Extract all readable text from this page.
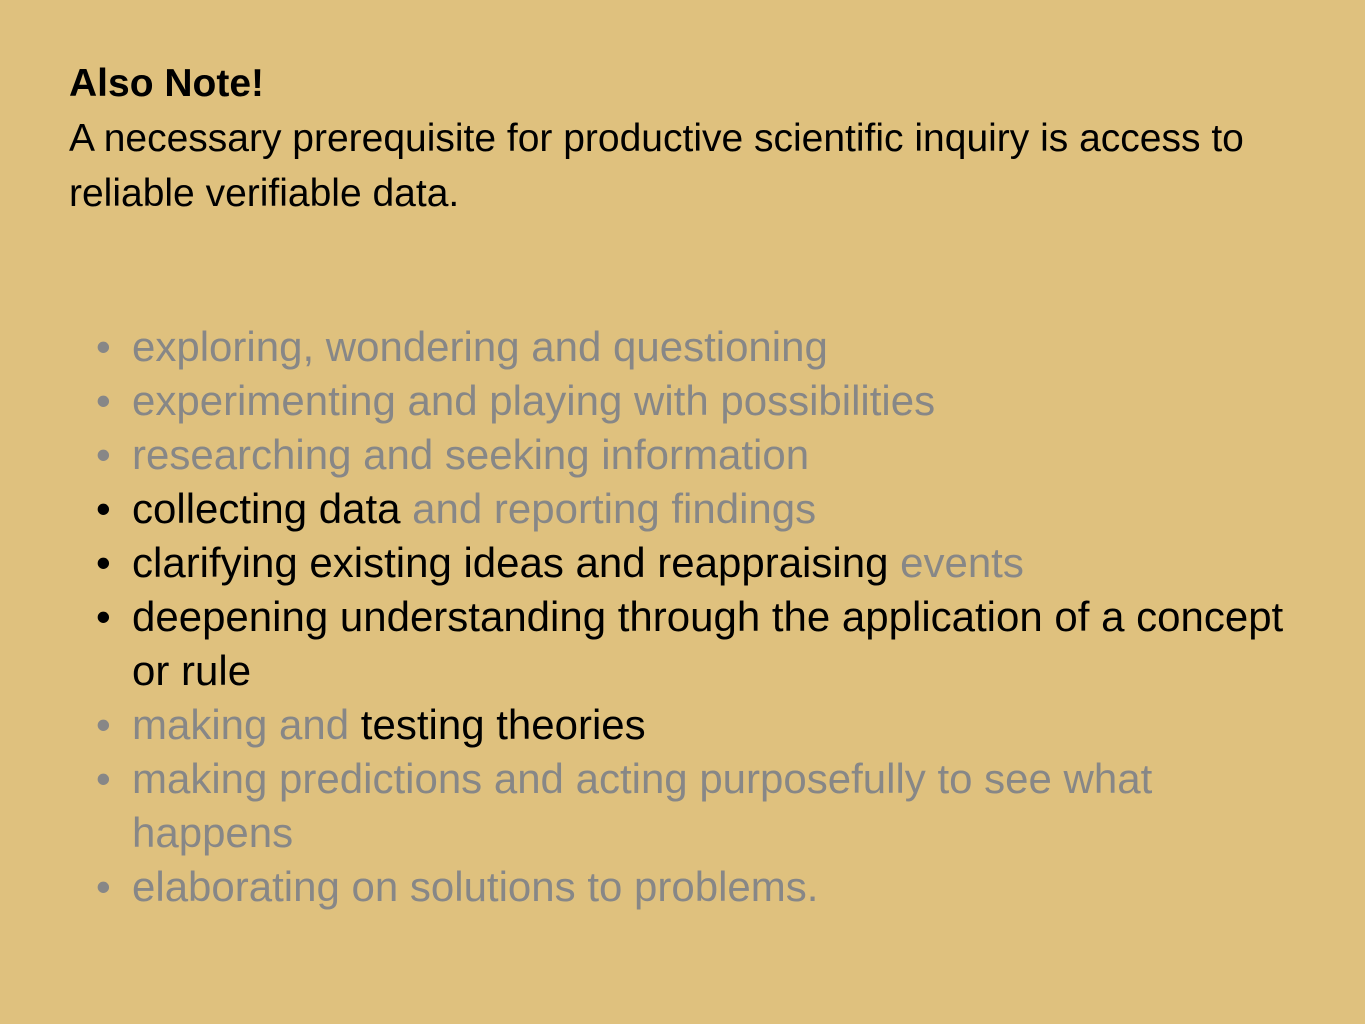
Also Note!
A necessary prerequisite for productive scientific inquiry is access to reliable verifiable data.
• exploring, wondering and questioning
• experimenting and playing with possibilities
• researching and seeking information
• collecting data and reporting findings
• clarifying existing ideas and reappraising events
• deepening understanding through the application of a concept or rule
• making and testing theories
• making predictions and acting purposefully to see what happens
• elaborating on solutions to problems.
